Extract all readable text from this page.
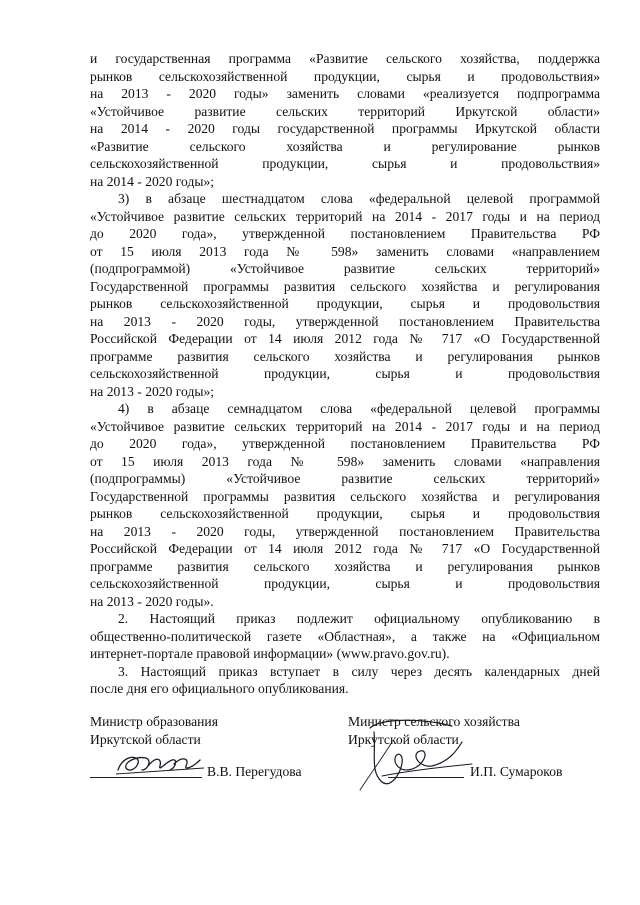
и государственная программа «Развитие сельского хозяйства, поддержка
рынков сельскохозяйственной продукции, сырья и продовольствия»
на 2013 - 2020 годы» заменить словами «реализуется подпрограмма
«Устойчивое развитие сельских территорий Иркутской области»
на 2014 - 2020 годы государственной программы Иркутской области
«Развитие сельского хозяйства и регулирование рынков
сельскохозяйственной продукции, сырья и продовольствия»
на 2014 - 2020 годы»;
3) в абзаце шестнадцатом слова «федеральной целевой программой
«Устойчивое развитие сельских территорий на 2014 - 2017 годы и на период
до 2020 года», утвержденной постановлением Правительства РФ
от 15 июля 2013 года № 598» заменить словами «направлением
(подпрограммой) «Устойчивое развитие сельских территорий»
Государственной программы развития сельского хозяйства и регулирования
рынков сельскохозяйственной продукции, сырья и продовольствия
на 2013 - 2020 годы, утвержденной постановлением Правительства
Российской Федерации от 14 июля 2012 года № 717 «О Государственной
программе развития сельского хозяйства и регулирования рынков
сельскохозяйственной продукции, сырья и продовольствия
на 2013 - 2020 годы»;
4) в абзаце семнадцатом слова «федеральной целевой программы
«Устойчивое развитие сельских территорий на 2014 - 2017 годы и на период
до 2020 года», утвержденной постановлением Правительства РФ
от 15 июля 2013 года № 598» заменить словами «направления
(подпрограммы) «Устойчивое развитие сельских территорий»
Государственной программы развития сельского хозяйства и регулирования
рынков сельскохозяйственной продукции, сырья и продовольствия
на 2013 - 2020 годы, утвержденной постановлением Правительства
Российской Федерации от 14 июля 2012 года № 717 «О Государственной
программе развития сельского хозяйства и регулирования рынков
сельскохозяйственной продукции, сырья и продовольствия
на 2013 - 2020 годы».
2. Настоящий приказ подлежит официальному опубликованию в
общественно-политической газете «Областная», а также на «Официальном
интернет-портале правовой информации» (www.pravo.gov.ru).
3. Настоящий приказ вступает в силу через десять календарных дней
после дня его официального опубликования.
Министр образования
Иркутской области
Министр сельского хозяйства
Иркутской области
В.В. Перегудова	И.П. Сумароков
